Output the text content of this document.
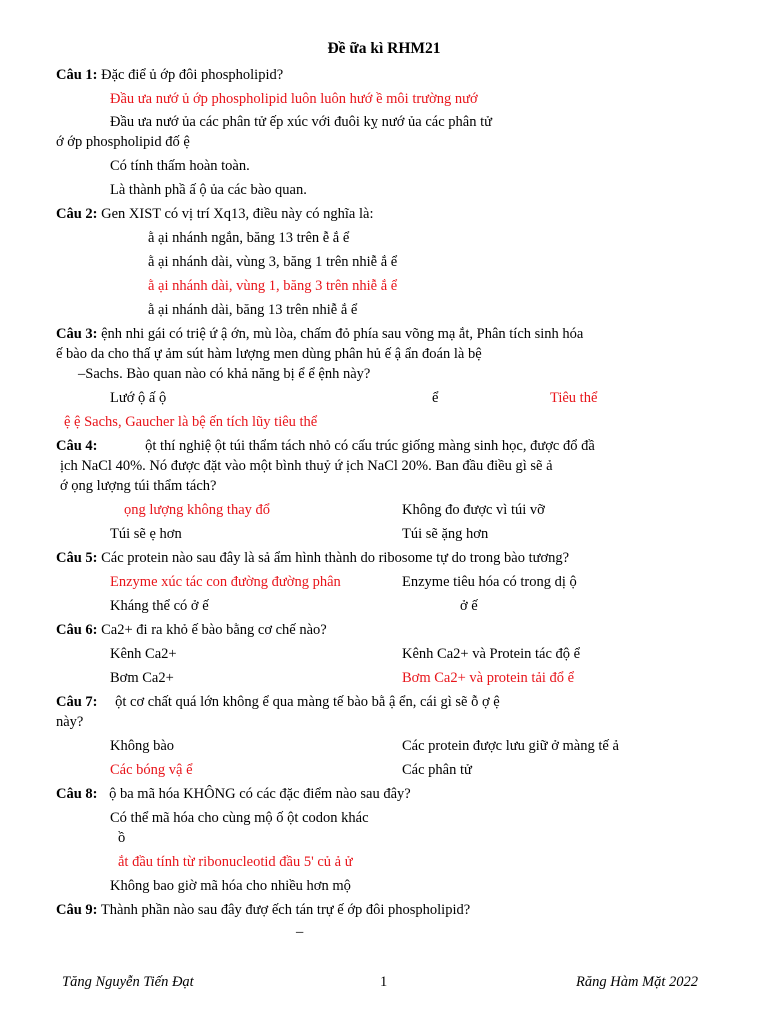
Đề ữa kì RHM21
Câu 1: Đặc điể ủ ớp đôi phospholipid?
Đầu ưa nướ ủ ớp phospholipid luôn luôn hướ ề môi trường nướ
Đầu ưa nướ ủa các phân tử ếp xúc với đuôi kỵ nướ ủa các phân tử
ớ ớp phospholipid đố ệ
Có tính thấm hoàn toàn.
Là thành phầ ấ ộ ủa các bào quan.
Câu 2: Gen XIST có vị trí Xq13, điều này có nghĩa là:
ằ ại nhánh ngắn, băng 13 trên ễ ắ ể
ằ ại nhánh dài, vùng 3, băng 1 trên nhiễ ắ ể
ằ ại nhánh dài, vùng 1, băng 3 trên nhiễ ắ ể
ằ ại nhánh dài, băng 13 trên nhiễ ắ ể
Câu 3: ệnh nhi gái có triệ ứ ậ ớn, mù lòa, chấm đỏ phía sau võng mạ ắt, Phân tích sinh hóa
ế bào da cho thấ ự ảm sút hàm lượng men dùng phân hủ ế ậ ẩn đoán là bệ
–Sachs. Bào quan nào có khả năng bị ể ể ệnh này?
Lướ ộ ấ ộ	ể	Tiêu thể
ệ ệ Sachs, Gaucher là bệ ến tích lũy tiêu thể
Câu 4:	ột thí nghiệ ột túi thẩm tách nhỏ có cấu trúc giống màng sinh học, được đổ đầ
ịch NaCl 40%. Nó được đặt vào một bình thuỷ ứ ịch NaCl 20%. Ban đầu điều gì sẽ ả
ớ ọng lượng túi thẩm tách?
ọng lượng không thay đổ	Không đo được vì túi vỡ
Túi sẽ ẹ hơn	Túi sẽ ặng hơn
Câu 5: Các protein nào sau đây là sả ẩm hình thành do ribosome tự do trong bào tương?
Enzyme xúc tác con đường đường phân	Enzyme tiêu hóa có trong dị ộ
Kháng thể có ở ế	ở ế
Câu 6: Ca2+ đi ra khỏ ế bào bằng cơ chế nào?
Kênh Ca2+	Kênh Ca2+ và Protein tác độ ể
Bơm Ca2+	Bơm Ca2+ và protein tải đổ ể
Câu 7: ột cơ chất quá lớn không ể qua màng tế bào bằ ậ ển, cái gì sẽ ỗ ợ ệ
này?
Không bào	Các protein được lưu giữ ở màng tế ả
Các bóng vậ ể	Các phân tử
Câu 8: ộ ba mã hóa KHÔNG có các đặc điểm nào sau đây?
Có thể mã hóa cho cùng mộ ố ột codon khác
ồ
ắt đầu tính từ ribonucleotid đầu 5' củ ả ử
Không bao giờ mã hóa cho nhiều hơn mộ
Câu 9: Thành phần nào sau đây đượ ếch tán trự ế ớp đôi phospholipid?
–
Tăng Nguyễn Tiến Đạt	1	Răng Hàm Mặt 2022
